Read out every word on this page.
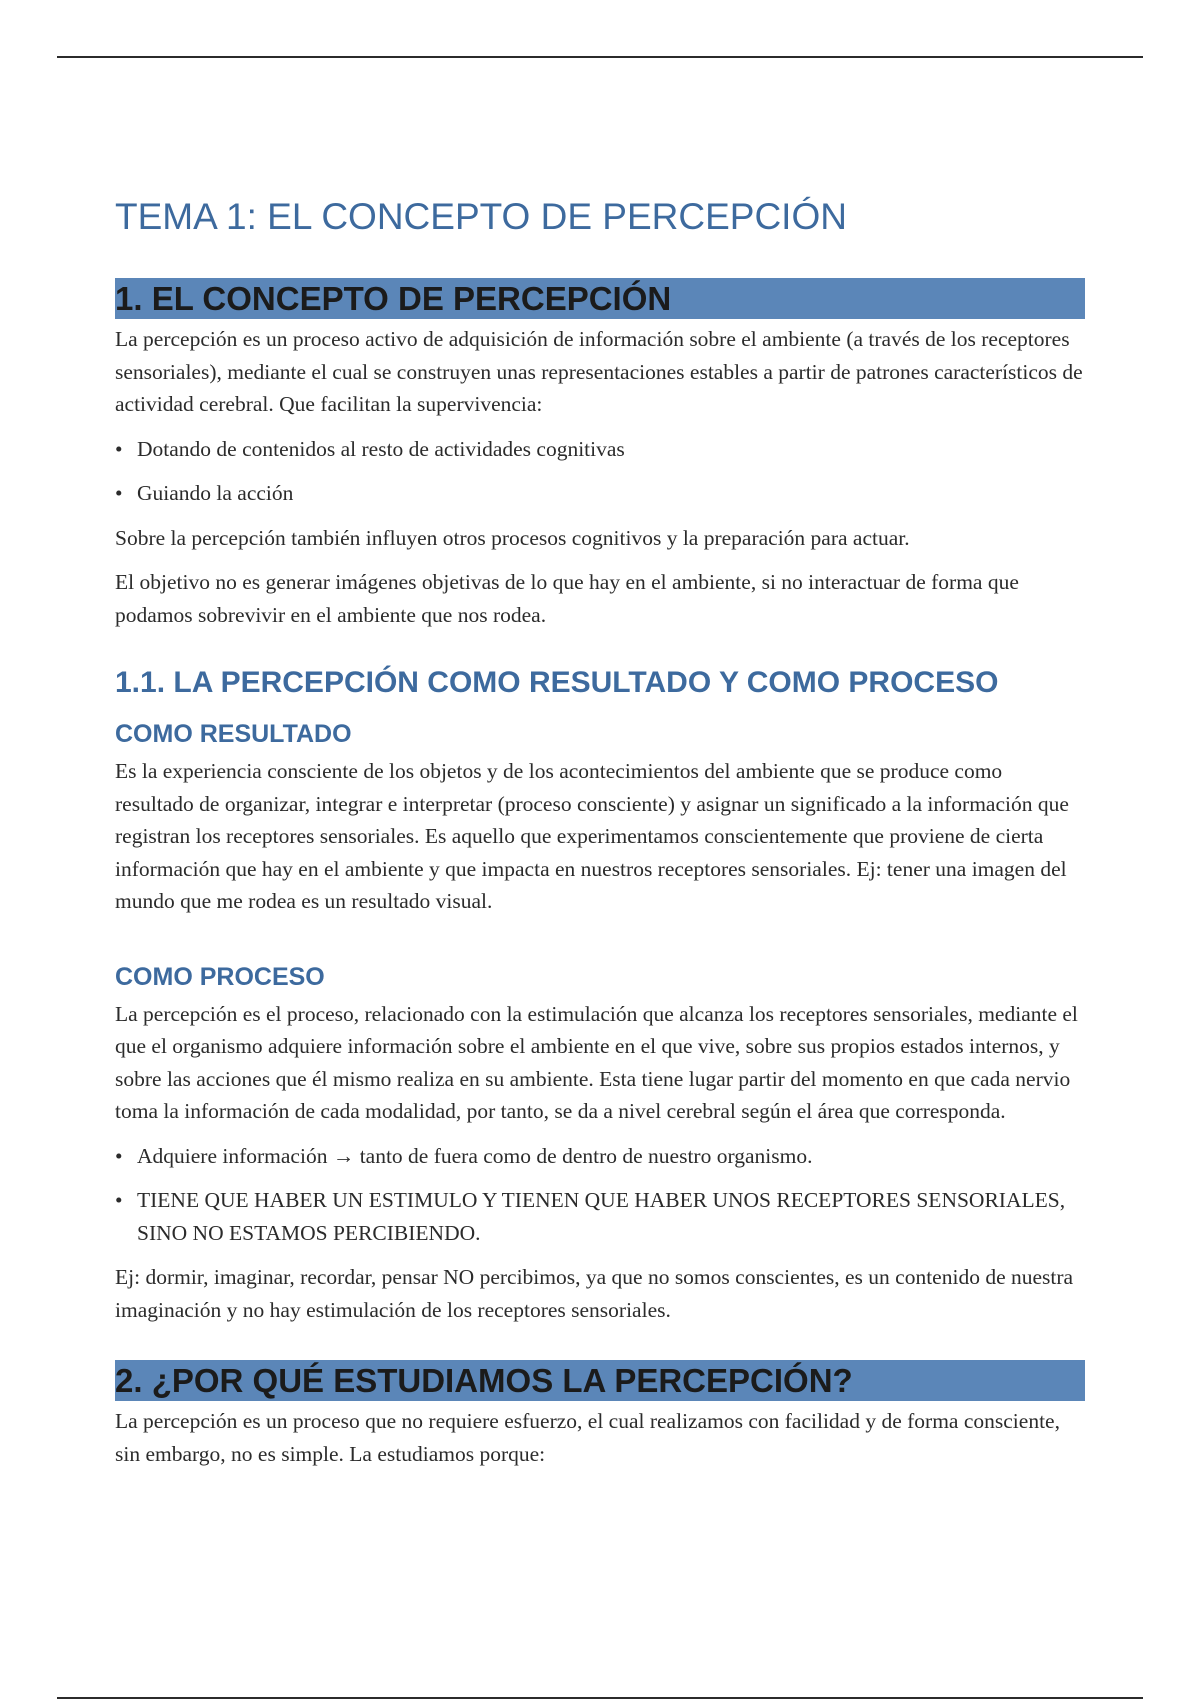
TEMA 1: EL CONCEPTO DE PERCEPCIÓN
1. EL CONCEPTO DE PERCEPCIÓN

La percepción es un proceso activo de adquisición de información sobre el ambiente (a través de los receptores sensoriales), mediante el cual se construyen unas representaciones estables a partir de patrones característicos de actividad cerebral. Que facilitan la supervivencia:

• Dotando de contenidos al resto de actividades cognitivas
• Guiando la acción

Sobre la percepción también influyen otros procesos cognitivos y la preparación para actuar.

El objetivo no es generar imágenes objetivas de lo que hay en el ambiente, si no interactuar de forma que podamos sobrevivir en el ambiente que nos rodea.

1.1. LA PERCEPCIÓN COMO RESULTADO Y COMO PROCESO
COMO RESULTADO

Es la experiencia consciente de los objetos y de los acontecimientos del ambiente que se produce como resultado de organizar, integrar e interpretar (proceso consciente) y asignar un significado a la información que registran los receptores sensoriales. Es aquello que experimentamos conscientemente que proviene de cierta información que hay en el ambiente y que impacta en nuestros receptores sensoriales. Ej: tener una imagen del mundo que me rodea es un resultado visual.

COMO PROCESO

La percepción es el proceso, relacionado con la estimulación que alcanza los receptores sensoriales, mediante el que el organismo adquiere información sobre el ambiente en el que vive, sobre sus propios estados internos, y sobre las acciones que él mismo realiza en su ambiente. Esta tiene lugar partir del momento en que cada nervio toma la información de cada modalidad, por tanto, se da a nivel cerebral según el área que corresponda.

• Adquiere información → tanto de fuera como de dentro de nuestro organismo.
• TIENE QUE HABER UN ESTIMULO Y TIENEN QUE HABER UNOS RECEPTORES SENSORIALES, SINO NO ESTAMOS PERCIBIENDO.

Ej: dormir, imaginar, recordar, pensar NO percibimos, ya que no somos conscientes, es un contenido de nuestra imaginación y no hay estimulación de los receptores sensoriales.

2. ¿POR QUÉ ESTUDIAMOS LA PERCEPCIÓN?

La percepción es un proceso que no requiere esfuerzo, el cual realizamos con facilidad y de forma consciente, sin embargo, no es simple. La estudiamos porque:
